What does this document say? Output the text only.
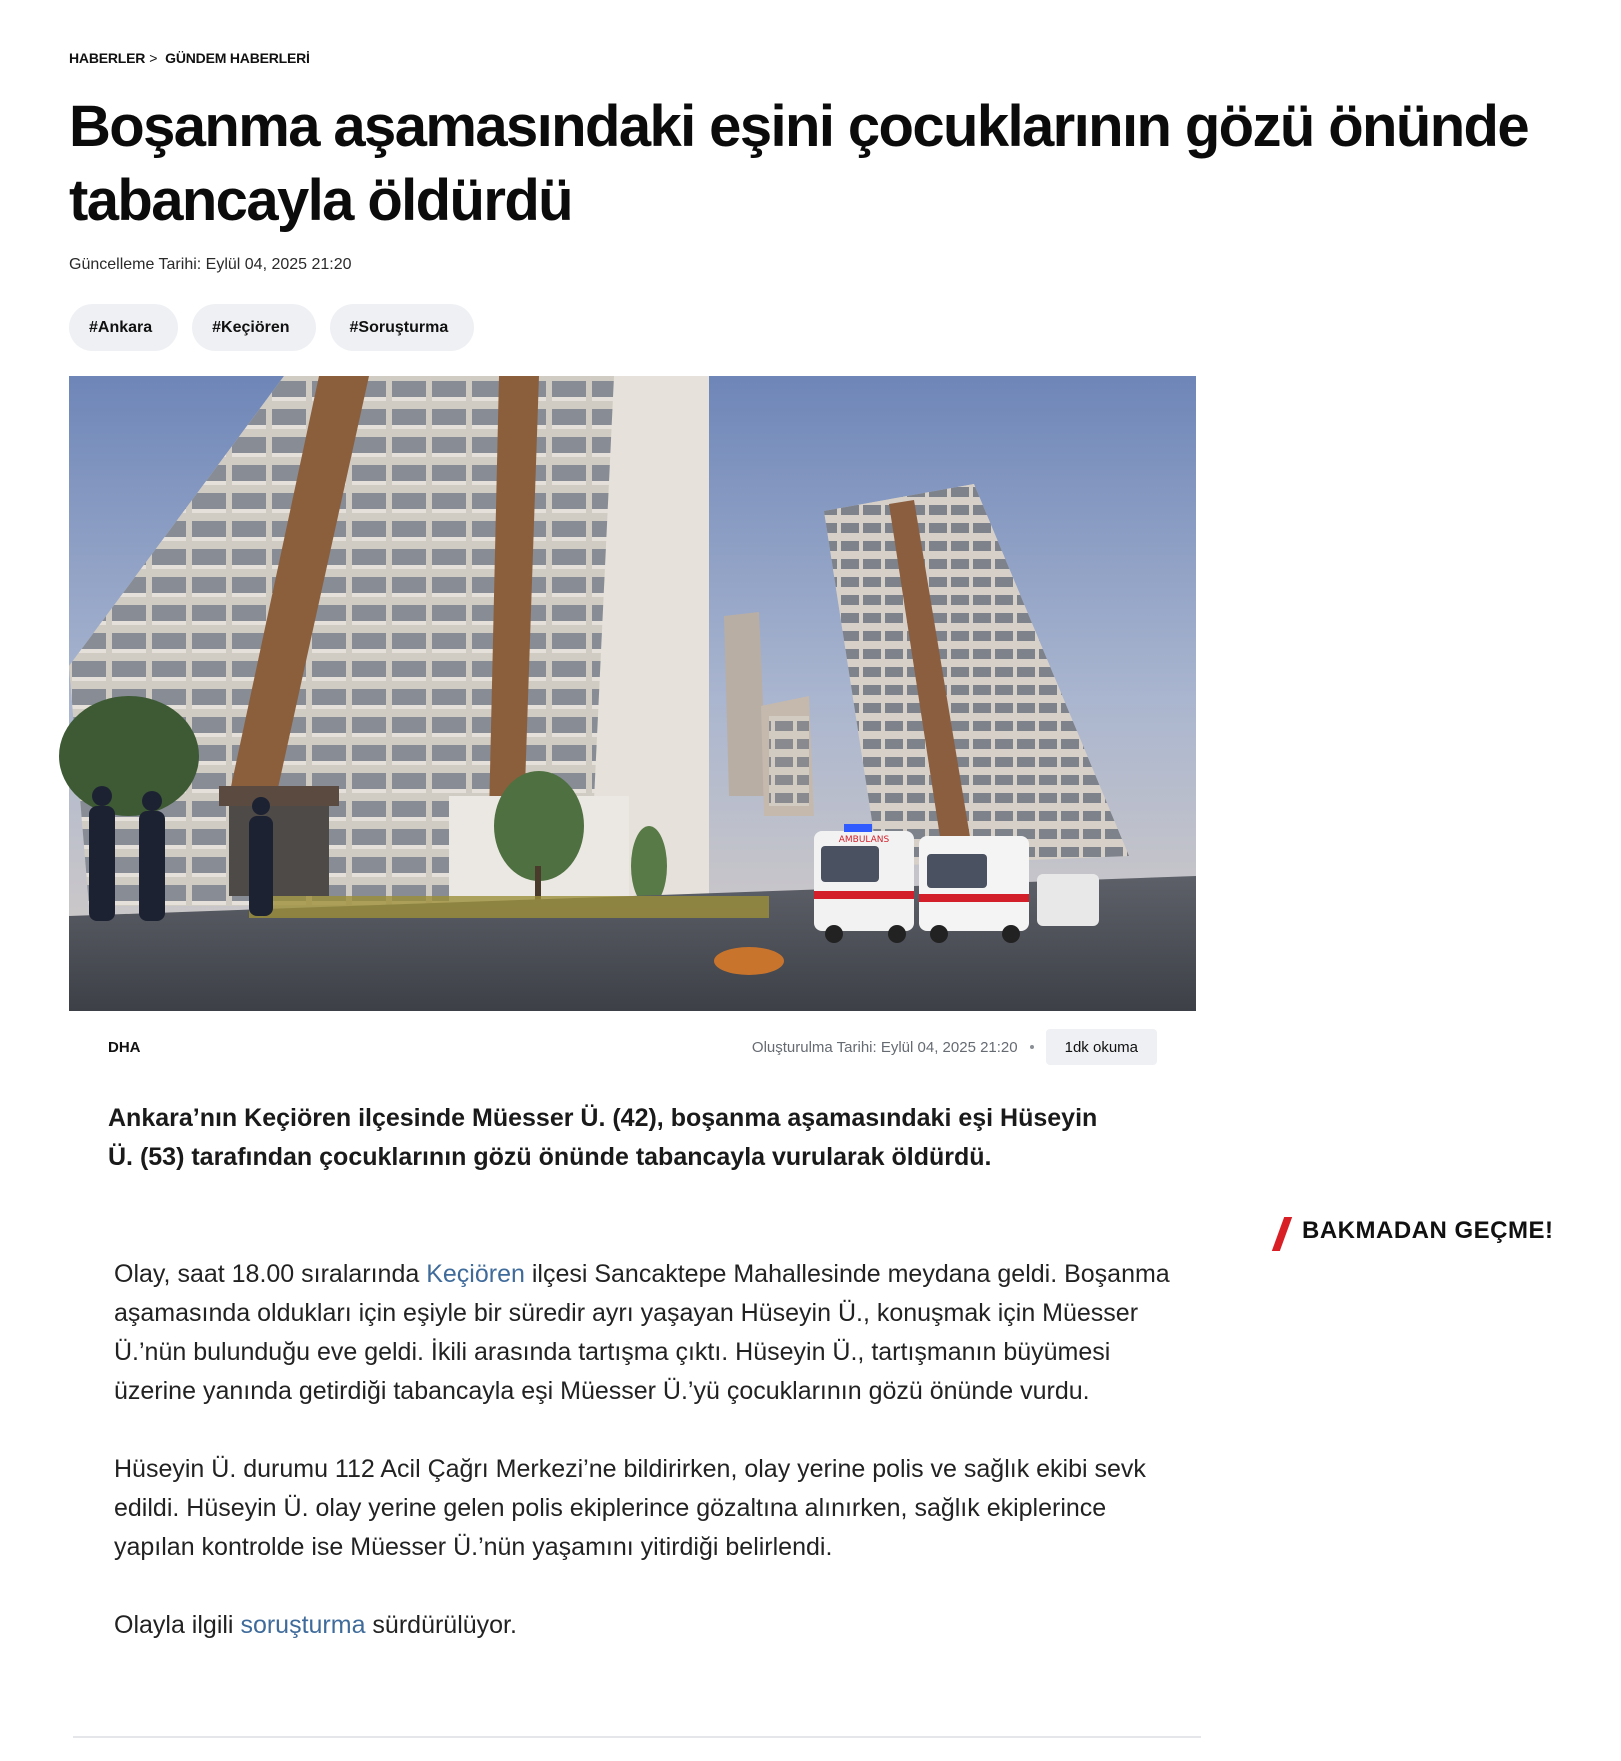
HABERLER > GÜNDEM HABERLERİ
Boşanma aşamasındaki eşini çocuklarının gözü önünde tabancayla öldürdü
Güncelleme Tarihi: Eylül 04, 2025 21:20
#Ankara	#Keçiören	#Soruşturma
AMBULANS
DHA	Oluşturulma Tarihi: Eylül 04, 2025 21:20	1dk okuma

Ankara’nın Keçiören ilçesinde Müesser Ü. (42), boşanma aşamasındaki eşi Hüseyin Ü. (53) tarafından çocuklarının gözü önünde tabancayla vurularak öldürdü.

BAKMADAN GEÇME!

Olay, saat 18.00 sıralarında Keçiören ilçesi Sancaktepe Mahallesinde meydana geldi. Boşanma aşamasında oldukları için eşiyle bir süredir ayrı yaşayan Hüseyin Ü., konuşmak için Müesser Ü.’nün bulunduğu eve geldi. İkili arasında tartışma çıktı. Hüseyin Ü., tartışmanın büyümesi üzerine yanında getirdiği tabancayla eşi Müesser Ü.’yü çocuklarının gözü önünde vurdu.

Hüseyin Ü. durumu 112 Acil Çağrı Merkezi’ne bildirirken, olay yerine polis ve sağlık ekibi sevk edildi. Hüseyin Ü. olay yerine gelen polis ekiplerince gözaltına alınırken, sağlık ekiplerince yapılan kontrolde ise Müesser Ü.’nün yaşamını yitirdiği belirlendi.

Olayla ilgili soruşturma sürdürülüyor.
